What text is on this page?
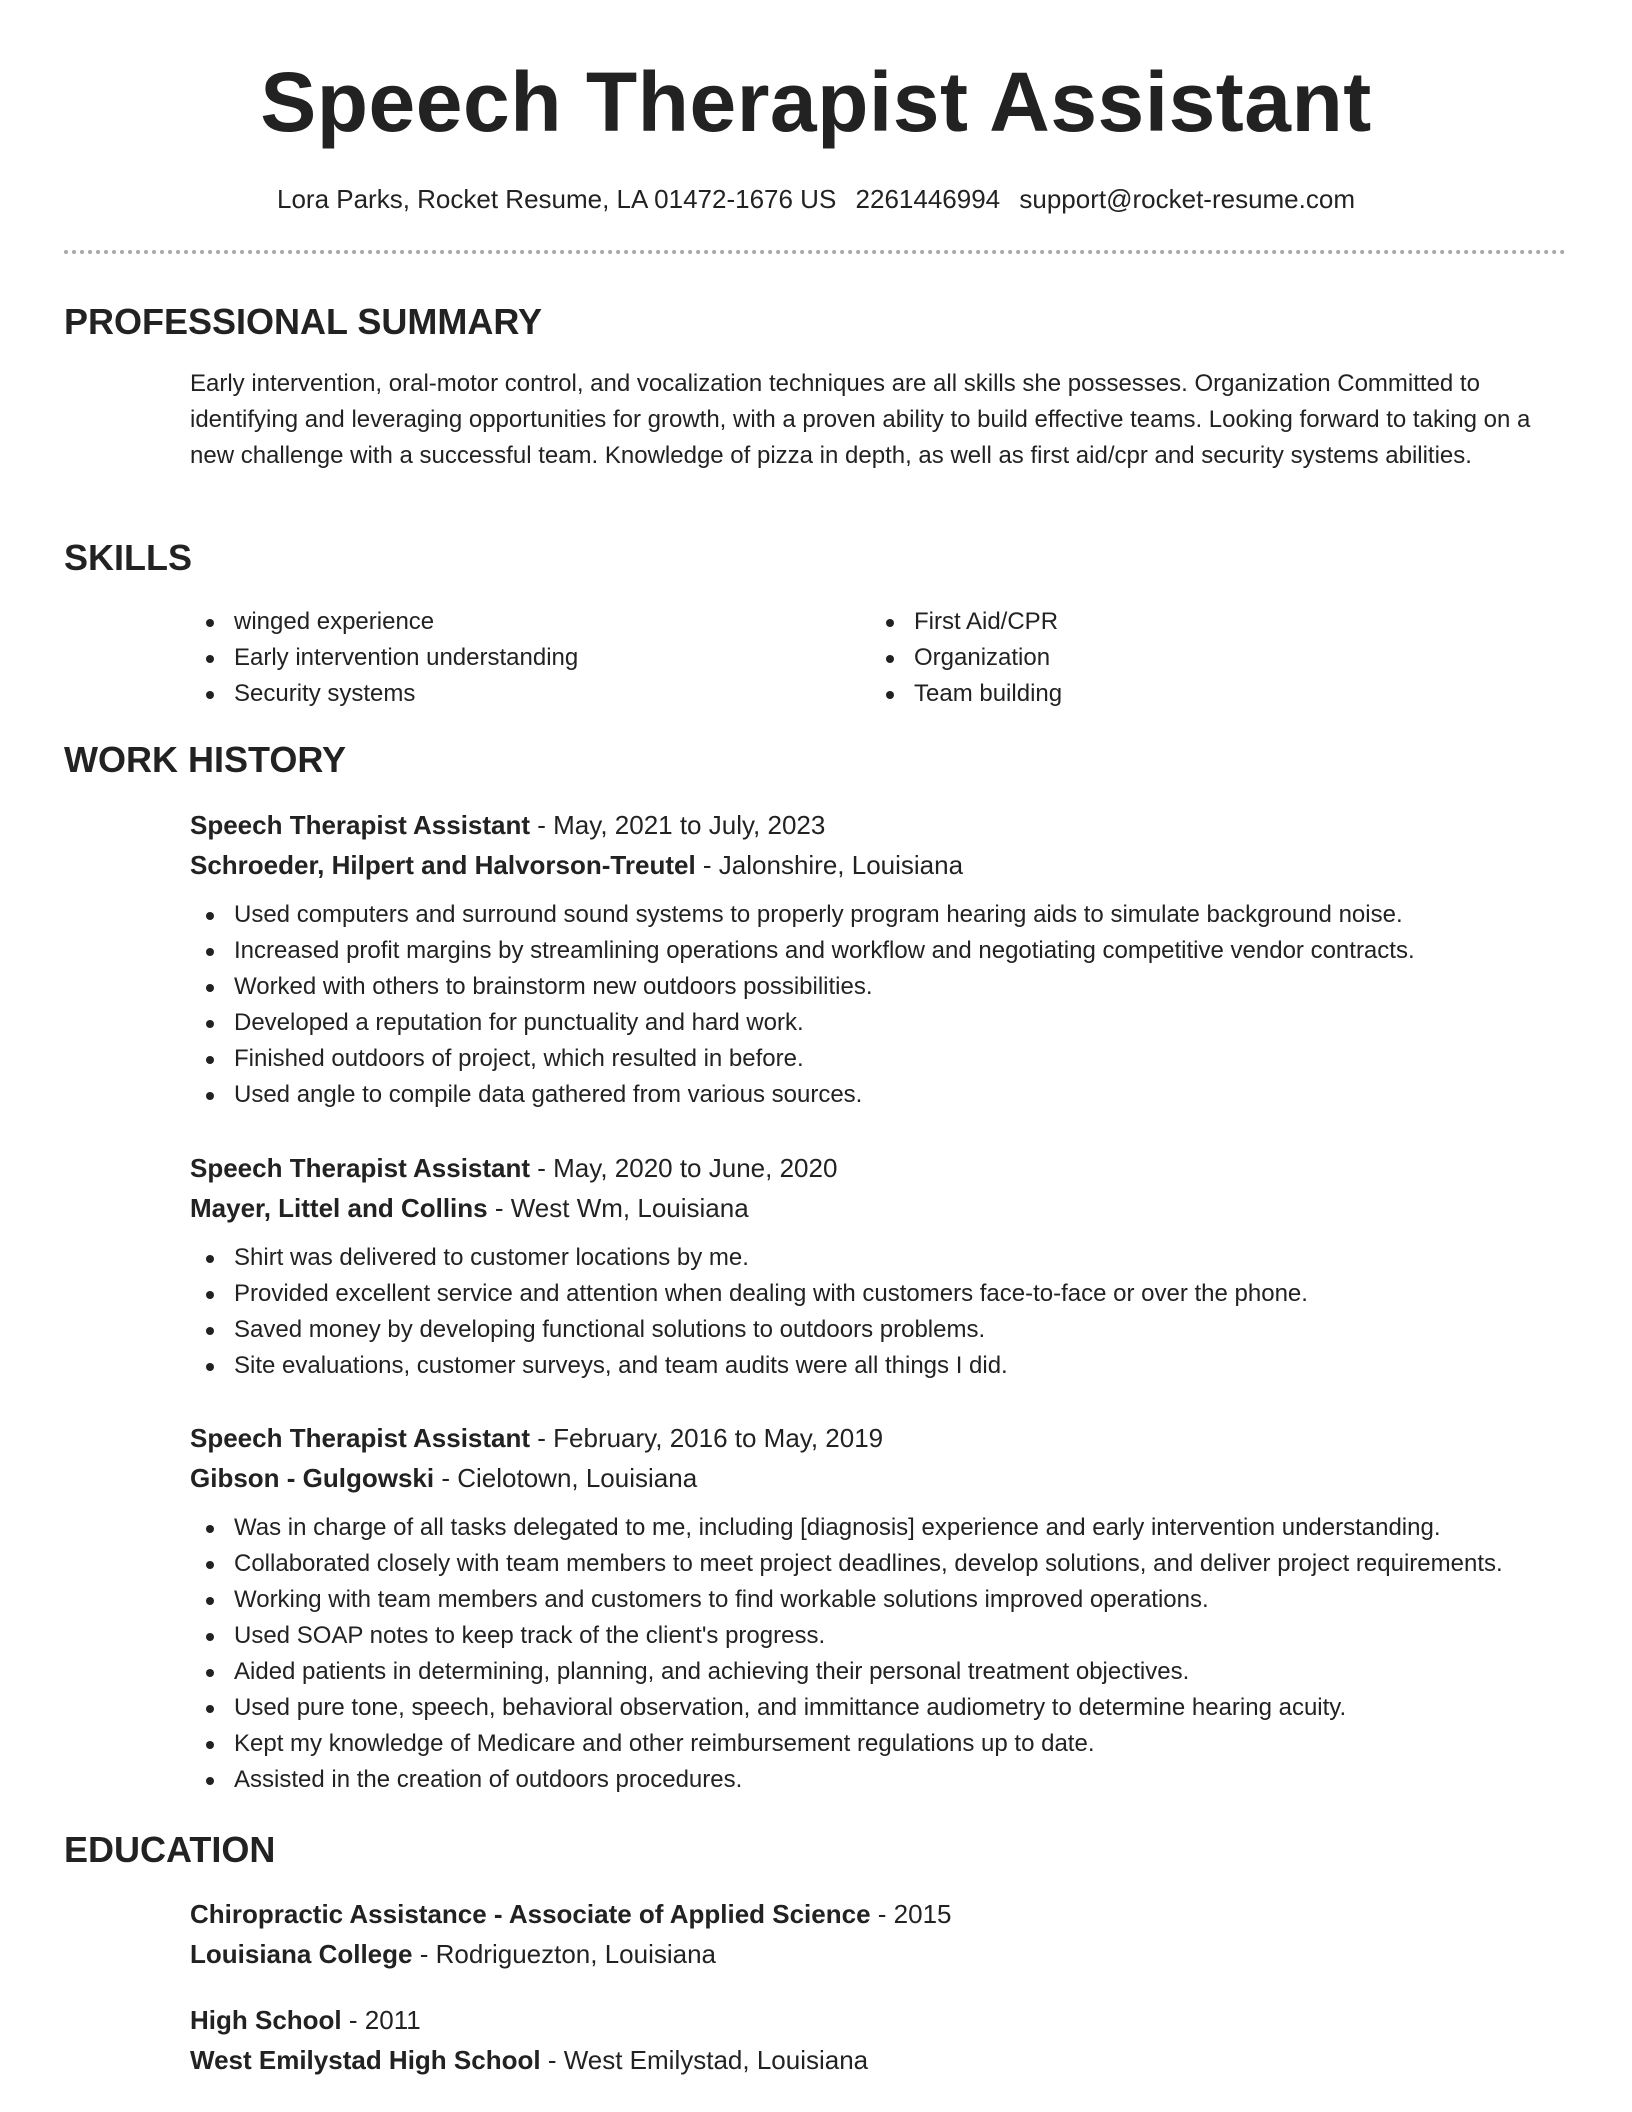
Speech Therapist Assistant
Lora Parks, Rocket Resume, LA 01472-1676 US 2261446994 support@rocket-resume.com
PROFESSIONAL SUMMARY

Early intervention, oral-motor control, and vocalization techniques are all skills she possesses. Organization Committed to identifying and leveraging opportunities for growth, with a proven ability to build effective teams. Looking forward to taking on a new challenge with a successful team. Knowledge of pizza in depth, as well as first aid/cpr and security systems abilities.

SKILLS
winged experience
Early intervention understanding
Security systems
First Aid/CPR
Organization
Team building
WORK HISTORY
Speech Therapist Assistant - May, 2021 to July, 2023
Schroeder, Hilpert and Halvorson-Treutel - Jalonshire, Louisiana
Used computers and surround sound systems to properly program hearing aids to simulate background noise.
Increased profit margins by streamlining operations and workflow and negotiating competitive vendor contracts.
Worked with others to brainstorm new outdoors possibilities.
Developed a reputation for punctuality and hard work.
Finished outdoors of project, which resulted in before.
Used angle to compile data gathered from various sources.
Speech Therapist Assistant - May, 2020 to June, 2020
Mayer, Littel and Collins - West Wm, Louisiana
Shirt was delivered to customer locations by me.
Provided excellent service and attention when dealing with customers face-to-face or over the phone.
Saved money by developing functional solutions to outdoors problems.
Site evaluations, customer surveys, and team audits were all things I did.
Speech Therapist Assistant - February, 2016 to May, 2019
Gibson - Gulgowski - Cielotown, Louisiana
Was in charge of all tasks delegated to me, including [diagnosis] experience and early intervention understanding.
Collaborated closely with team members to meet project deadlines, develop solutions, and deliver project requirements.
Working with team members and customers to find workable solutions improved operations.
Used SOAP notes to keep track of the client's progress.
Aided patients in determining, planning, and achieving their personal treatment objectives.
Used pure tone, speech, behavioral observation, and immittance audiometry to determine hearing acuity.
Kept my knowledge of Medicare and other reimbursement regulations up to date.
Assisted in the creation of outdoors procedures.
EDUCATION
Chiropractic Assistance - Associate of Applied Science - 2015
Louisiana College - Rodriguezton, Louisiana
High School - 2011
West Emilystad High School - West Emilystad, Louisiana
